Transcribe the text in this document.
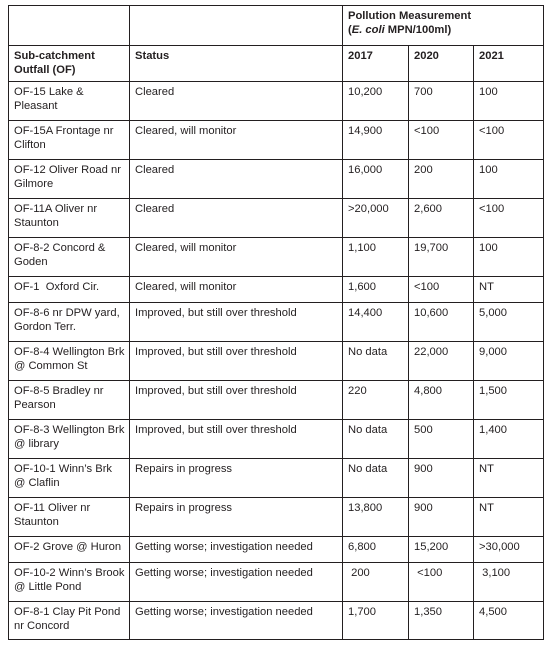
		Pollution Measurement
(E. coli MPN/100ml)		
Sub-catchment Outfall (OF)	Status	2017	2020	2021
OF-15 Lake & Pleasant	Cleared	10,200	700	100
OF-15A Frontage nr Clifton	Cleared, will monitor	14,900	<100	<100
OF-12 Oliver Road nr Gilmore	Cleared	16,000	200	100
OF-11A Oliver nr Staunton	Cleared	>20,000	2,600	<100
OF-8-2 Concord & Goden	Cleared, will monitor	1,100	19,700	100
OF-1  Oxford Cir.	Cleared, will monitor	1,600	<100	NT
OF-8-6 nr DPW yard, Gordon Terr.	Improved, but still over threshold	14,400	10,600	5,000
OF-8-4 Wellington Brk @ Common St	Improved, but still over threshold	No data	22,000	9,000
OF-8-5 Bradley nr Pearson	Improved, but still over threshold	220	4,800	1,500
OF-8-3 Wellington Brk @ library	Improved, but still over threshold	No data	500	1,400
OF-10-1 Winn’s Brk @ Claflin	Repairs in progress	No data	900	NT
OF-11 Oliver nr Staunton	Repairs in progress	13,800	900	NT
OF-2 Grove @ Huron	Getting worse; investigation needed	6,800	15,200	>30,000
OF-10-2 Winn’s Brook @ Little Pond	Getting worse; investigation needed	200	<100	3,100
OF-8-1 Clay Pit Pond nr Concord	Getting worse; investigation needed	1,700	1,350	4,500
